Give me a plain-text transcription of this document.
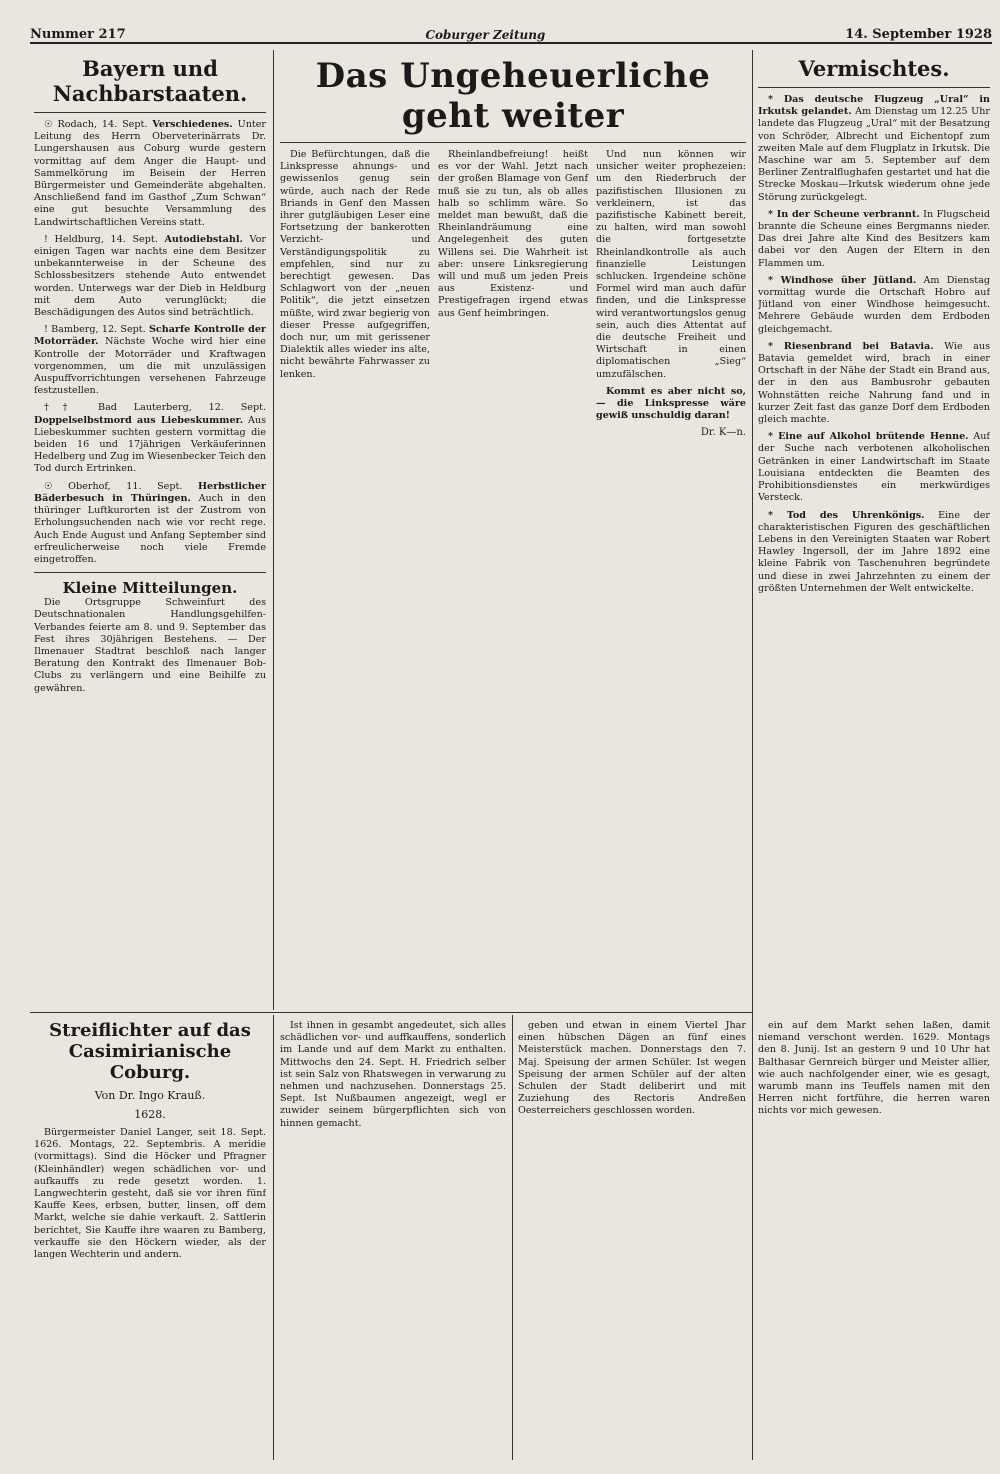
Nummer 217	Coburger Zeitung	14. September 1928

Bayern und Nachbarstaaten.

☉ Rodach, 14. Sept. Verschiedenes. Unter Leitung des Herrn Oberveterinärrats Dr. Lungershausen aus Coburg wurde gestern vormittag auf dem Anger die Haupt- und Sammelkörung im Beisein der Herren Bürgermeister und Gemeinderäte abgehalten. Anschließend fand im Gasthof „Zum Schwan“ eine gut besuchte Versammlung des Landwirtschaftlichen Vereins statt.

! Heldburg, 14. Sept. Autodiebstahl. Vor einigen Tagen war nachts eine dem Besitzer unbekannterweise in der Scheune des Schlossbesitzers stehende Auto entwendet worden. Unterwegs war der Dieb in Heldburg mit dem Auto verunglückt; die Beschädigungen des Autos sind beträchtlich.

! Bamberg, 12. Sept. Scharfe Kontrolle der Motorräder. Nächste Woche wird hier eine Kontrolle der Motorräder und Kraftwagen vorgenommen, um die mit unzulässigen Auspuffvorrichtungen versehenen Fahrzeuge festzustellen.

†† Bad Lauterberg, 12. Sept. Doppelselbstmord aus Liebeskummer. Aus Liebeskummer suchten gestern vormittag die beiden 16 und 17jährigen Verkäuferinnen Hedelberg und Zug im Wiesenbecker Teich den Tod durch Ertrinken.

☉ Oberhof, 11. Sept. Herbstlicher Bäderbesuch in Thüringen. Auch in den thüringer Luftkurorten ist der Zustrom von Erholungsuchenden nach wie vor recht rege. Auch Ende August und Anfang September sind erfreulicherweise noch viele Fremde eingetroffen.

Kleine Mitteilungen.

Die Ortsgruppe Schweinfurt des Deutschnationalen Handlungsgehilfen-Verbandes feierte am 8. und 9. September das Fest ihres 30jährigen Bestehens. — Der Ilmenauer Stadtrat beschloß nach langer Beratung den Kontrakt des Ilmenauer Bob-Clubs zu verlängern und eine Beihilfe zu gewähren.

Das Ungeheuerliche geht weiter

Die Befürchtungen, daß die Linkspresse ahnungs- und gewissenlos genug sein würde, auch nach der Rede Briands in Genf den Massen ihrer gutgläubigen Leser eine Fortsetzung der bankerotten Verzicht- und Verständigungspolitik zu empfehlen, sind nur zu berechtigt gewesen. Das Schlagwort von der „neuen Politik“, die jetzt einsetzen müßte, wird zwar begierig von dieser Presse aufgegriffen, doch nur, um mit gerissener Dialektik alles wieder ins alte, nicht bewährte Fahrwasser zu lenken.

Rheinlandbefreiung! heißt es vor der Wahl. Jetzt nach der großen Blamage von Genf muß sie zu tun, als ob alles halb so schlimm wäre. So meldet man bewußt, daß die Rheinlandräumung eine Angelegenheit des guten Willens sei. Die Wahrheit ist aber: unsere Linksregierung will und muß um jeden Preis aus Existenz- und Prestigefragen irgend etwas aus Genf heimbringen.

Und nun können wir unsicher weiter prophezeien: um den Riederbruch der pazifistischen Illusionen zu verkleinern, ist das pazifistische Kabinett bereit, zu halten, wird man sowohl die fortgesetzte Rheinlandkontrolle als auch finanzielle Leistungen schlucken. Irgendeine schöne Formel wird man auch dafür finden, und die Linkspresse wird verantwortungslos genug sein, auch dies Attentat auf die deutsche Freiheit und Wirtschaft in einen diplomatischen „Sieg“ umzufälschen.

Kommt es aber nicht so, — die Linkspresse wäre gewiß unschuldig daran!

Dr. K—n.

Vermischtes.

* Das deutsche Flugzeug „Ural“ in Irkutsk gelandet. Am Dienstag um 12.25 Uhr landete das Flugzeug „Ural“ mit der Besatzung von Schröder, Albrecht und Eichentopf zum zweiten Male auf dem Flugplatz in Irkutsk. Die Maschine war am 5. September auf dem Berliner Zentralflughafen gestartet und hat die Strecke Moskau—Irkutsk wiederum ohne jede Störung zurückgelegt.

* In der Scheune verbrannt. In Flugscheid brannte die Scheune eines Bergmanns nieder. Das drei Jahre alte Kind des Besitzers kam dabei vor den Augen der Eltern in den Flammen um.

* Windhose über Jütland. Am Dienstag vormittag wurde die Ortschaft Hobro auf Jütland von einer Windhose heimgesucht. Mehrere Gebäude wurden dem Erdboden gleichgemacht.

* Riesenbrand bei Batavia. Wie aus Batavia gemeldet wird, brach in einer Ortschaft in der Nähe der Stadt ein Brand aus, der in den aus Bambusrohr gebauten Wohnstätten reiche Nahrung fand und in kurzer Zeit fast das ganze Dorf dem Erdboden gleich machte.

* Eine auf Alkohol brütende Henne. Auf der Suche nach verbotenen alkoholischen Getränken in einer Landwirtschaft im Staate Louisiana entdeckten die Beamten des Prohibitionsdienstes ein merkwürdiges Versteck.

* Tod des Uhrenkönigs. Eine der charakteristischen Figuren des geschäftlichen Lebens in den Vereinigten Staaten war Robert Hawley Ingersoll, der im Jahre 1892 eine kleine Fabrik von Taschenuhren begründete und diese in zwei Jahrzehnten zu einem der größten Unternehmen der Welt entwickelte.

Streiflichter auf das

Casimirianische Coburg.

Von Dr. Ingo Krauß.

1628.

Bürgermeister Daniel Langer, seit 18. Sept. 1626. Montags, 22. Septembris. A meridie (vormittags). Sind die Höcker und Pfragner (Kleinhändler) wegen schädlichen vor- und aufkauffs zu rede gesetzt worden. 1. Langwechterin gesteht, daß sie vor ihren fünf Kauffe Kees, erbsen, butter, linsen, off dem Markt, welche sie dahie verkauft. 2. Sattlerin berichtet, Sie Kauffe ihre waaren zu Bamberg, verkauffe sie den Höckern wieder, als der langen Wechterin und andern.

Ist ihnen in gesambt angedeutet, sich alles schädlichen vor- und auffkauffens, sonderlich im Lande und auf dem Markt zu enthalten. Mittwochs den 24. Sept. H. Friedrich selber ist sein Salz von Rhatswegen in verwarung zu nehmen und nachzusehen. Donnerstags 25. Sept. Ist Nußbaumen angezeigt, wegl er zuwider seinem bürgerpflichten sich von hinnen gemacht.

geben und etwan in einem Viertel Jhar einen hübschen Dägen an fünf eines Meisterstück machen. Donnerstags den 7. Maj. Speisung der armen Schüler. Ist wegen Speisung der armen Schüler auf der alten Schulen der Stadt deliberirt und mit Zuziehung des Rectoris Andreßen Oesterreichers geschlossen worden.

ein auf dem Markt sehen laßen, damit niemand verschont werden. 1629. Montags den 8. Junij. Ist an gestern 9 und 10 Uhr hat Balthasar Gernreich bürger und Meister allier, wie auch nachfolgender einer, wie es gesagt, warumb mann ins Teuffels namen mit den Herren nicht fortführe, die herren waren nichts vor mich gewesen.
